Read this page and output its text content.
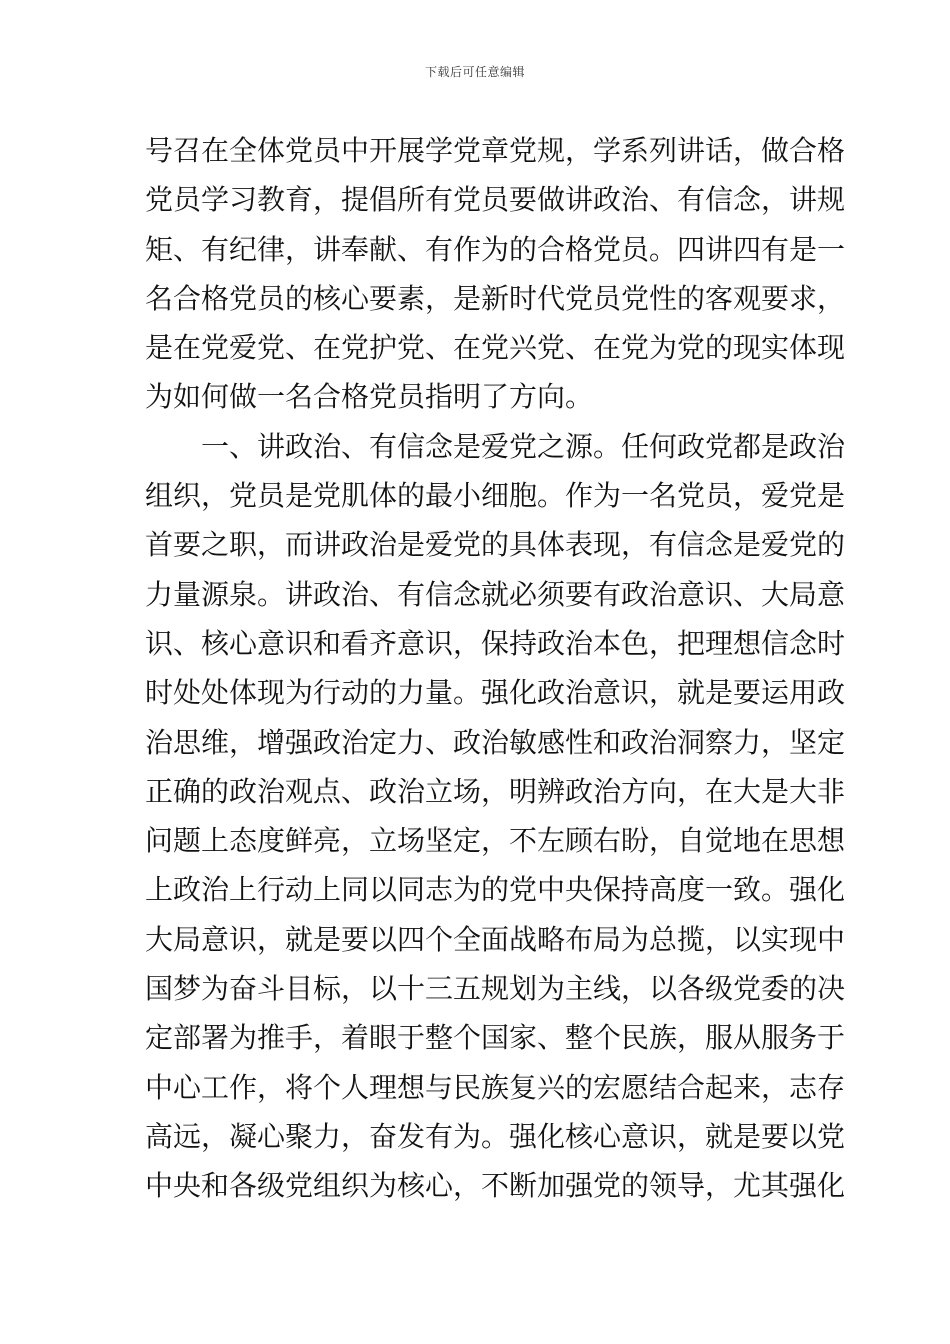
下载后可任意编辑
号召在全体党员中开展学党章党规，学系列讲话，做合格
党员学习教育，提倡所有党员要做讲政治、有信念，讲规
矩、有纪律，讲奉献、有作为的合格党员。四讲四有是一
名合格党员的核心要素，是新时代党员党性的客观要求，
是在党爱党、在党护党、在党兴党、在党为党的现实体现
为如何做一名合格党员指明了方向。
　　一、讲政治、有信念是爱党之源。任何政党都是政治
组织，党员是党肌体的最小细胞。作为一名党员，爱党是
首要之职，而讲政治是爱党的具体表现，有信念是爱党的
力量源泉。讲政治、有信念就必须要有政治意识、大局意
识、核心意识和看齐意识，保持政治本色，把理想信念时
时处处体现为行动的力量。强化政治意识，就是要运用政
治思维，增强政治定力、政治敏感性和政治洞察力，坚定
正确的政治观点、政治立场，明辨政治方向，在大是大非
问题上态度鲜亮，立场坚定，不左顾右盼，自觉地在思想
上政治上行动上同以同志为的党中央保持高度一致。强化
大局意识，就是要以四个全面战略布局为总揽，以实现中
国梦为奋斗目标，以十三五规划为主线，以各级党委的决
定部署为推手，着眼于整个国家、整个民族，服从服务于
中心工作，将个人理想与民族复兴的宏愿结合起来，志存
高远，凝心聚力，奋发有为。强化核心意识，就是要以党
中央和各级党组织为核心，不断加强党的领导，尤其强化
